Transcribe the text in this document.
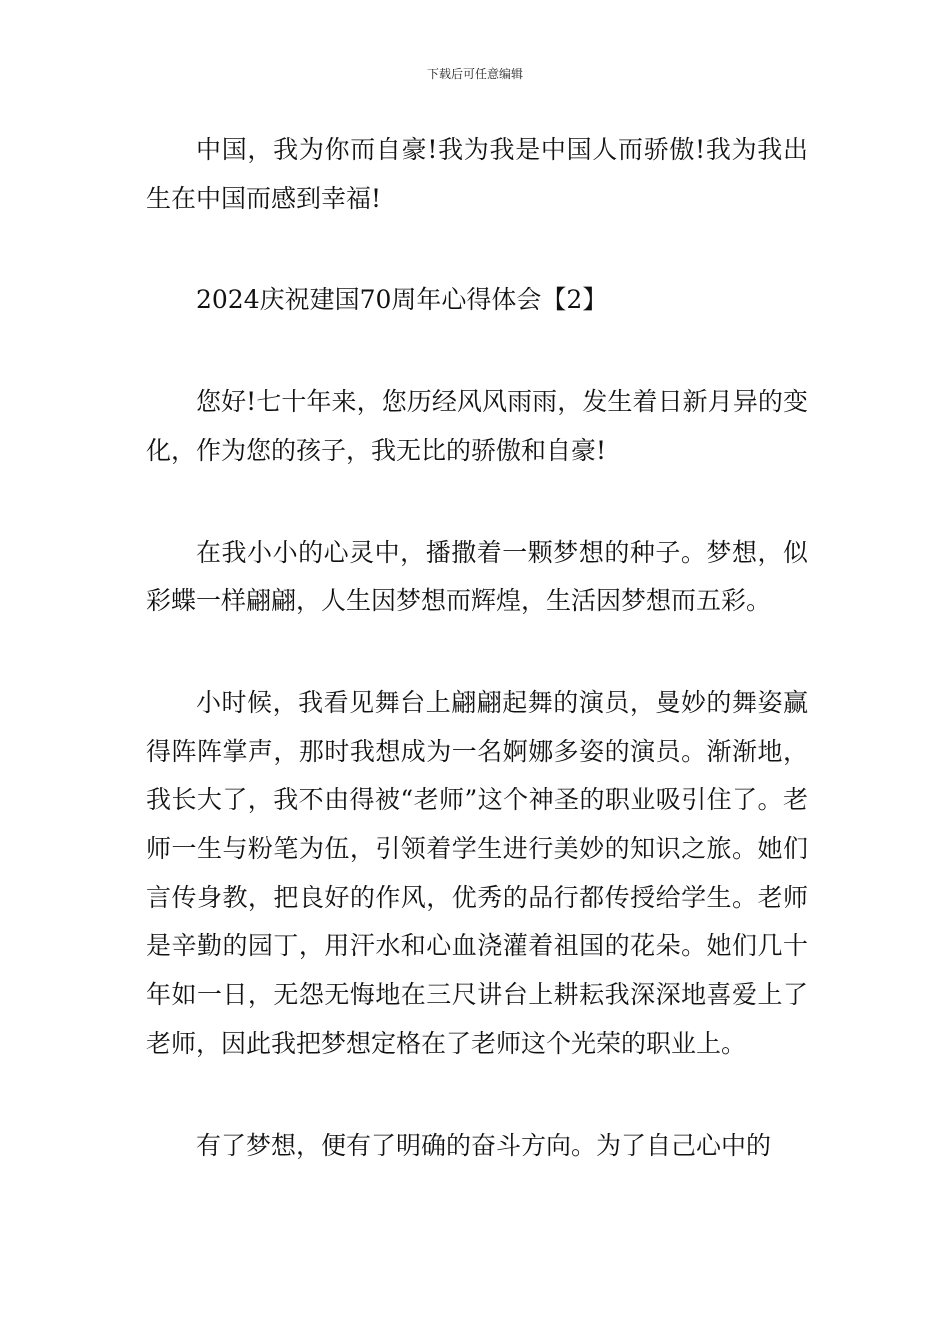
下载后可任意编辑

中国，我为你而自豪!我为我是中国人而骄傲!我为我出生在中国而感到幸福!

2024庆祝建国70周年心得体会【2】

您好!七十年来，您历经风风雨雨，发生着日新月异的变化，作为您的孩子，我无比的骄傲和自豪!

在我小小的心灵中，播撒着一颗梦想的种子。梦想，似彩蝶一样翩翩，人生因梦想而辉煌，生活因梦想而五彩。

小时候，我看见舞台上翩翩起舞的演员，曼妙的舞姿赢得阵阵掌声，那时我想成为一名婀娜多姿的演员。渐渐地，我长大了，我不由得被“老师”这个神圣的职业吸引住了。老师一生与粉笔为伍，引领着学生进行美妙的知识之旅。她们言传身教，把良好的作风，优秀的品行都传授给学生。老师是辛勤的园丁，用汗水和心血浇灌着祖国的花朵。她们几十年如一日，无怨无悔地在三尺讲台上耕耘我深深地喜爱上了老师，因此我把梦想定格在了老师这个光荣的职业上。

有了梦想，便有了明确的奋斗方向。为了自己心中的
